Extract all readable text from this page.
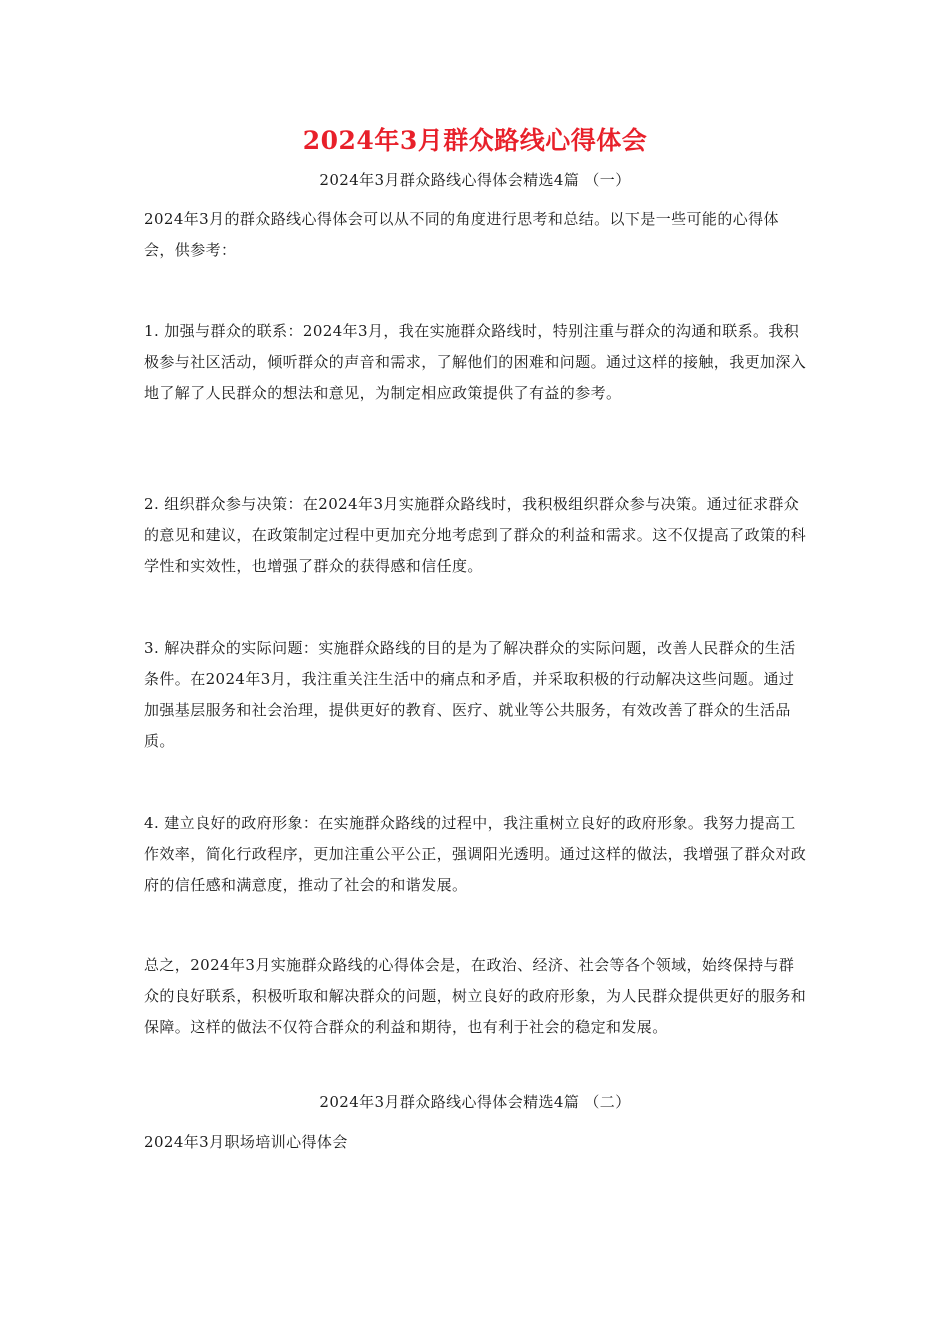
2024年3月群众路线心得体会
2024年3月群众路线心得体会精选4篇 （一）

2024年3月的群众路线心得体会可以从不同的角度进行思考和总结。以下是一些可能的心得体会，供参考：

1. 加强与群众的联系：2024年3月，我在实施群众路线时，特别注重与群众的沟通和联系。我积极参与社区活动，倾听群众的声音和需求，了解他们的困难和问题。通过这样的接触，我更加深入地了解了人民群众的想法和意见，为制定相应政策提供了有益的参考。

2. 组织群众参与决策：在2024年3月实施群众路线时，我积极组织群众参与决策。通过征求群众的意见和建议，在政策制定过程中更加充分地考虑到了群众的利益和需求。这不仅提高了政策的科学性和实效性，也增强了群众的获得感和信任度。

3. 解决群众的实际问题：实施群众路线的目的是为了解决群众的实际问题，改善人民群众的生活条件。在2024年3月，我注重关注生活中的痛点和矛盾，并采取积极的行动解决这些问题。通过加强基层服务和社会治理，提供更好的教育、医疗、就业等公共服务，有效改善了群众的生活品质。

4. 建立良好的政府形象：在实施群众路线的过程中，我注重树立良好的政府形象。我努力提高工作效率，简化行政程序，更加注重公平公正，强调阳光透明。通过这样的做法，我增强了群众对政府的信任感和满意度，推动了社会的和谐发展。

总之，2024年3月实施群众路线的心得体会是，在政治、经济、社会等各个领域，始终保持与群众的良好联系，积极听取和解决群众的问题，树立良好的政府形象，为人民群众提供更好的服务和保障。这样的做法不仅符合群众的利益和期待，也有利于社会的稳定和发展。

2024年3月群众路线心得体会精选4篇 （二）

2024年3月职场培训心得体会
